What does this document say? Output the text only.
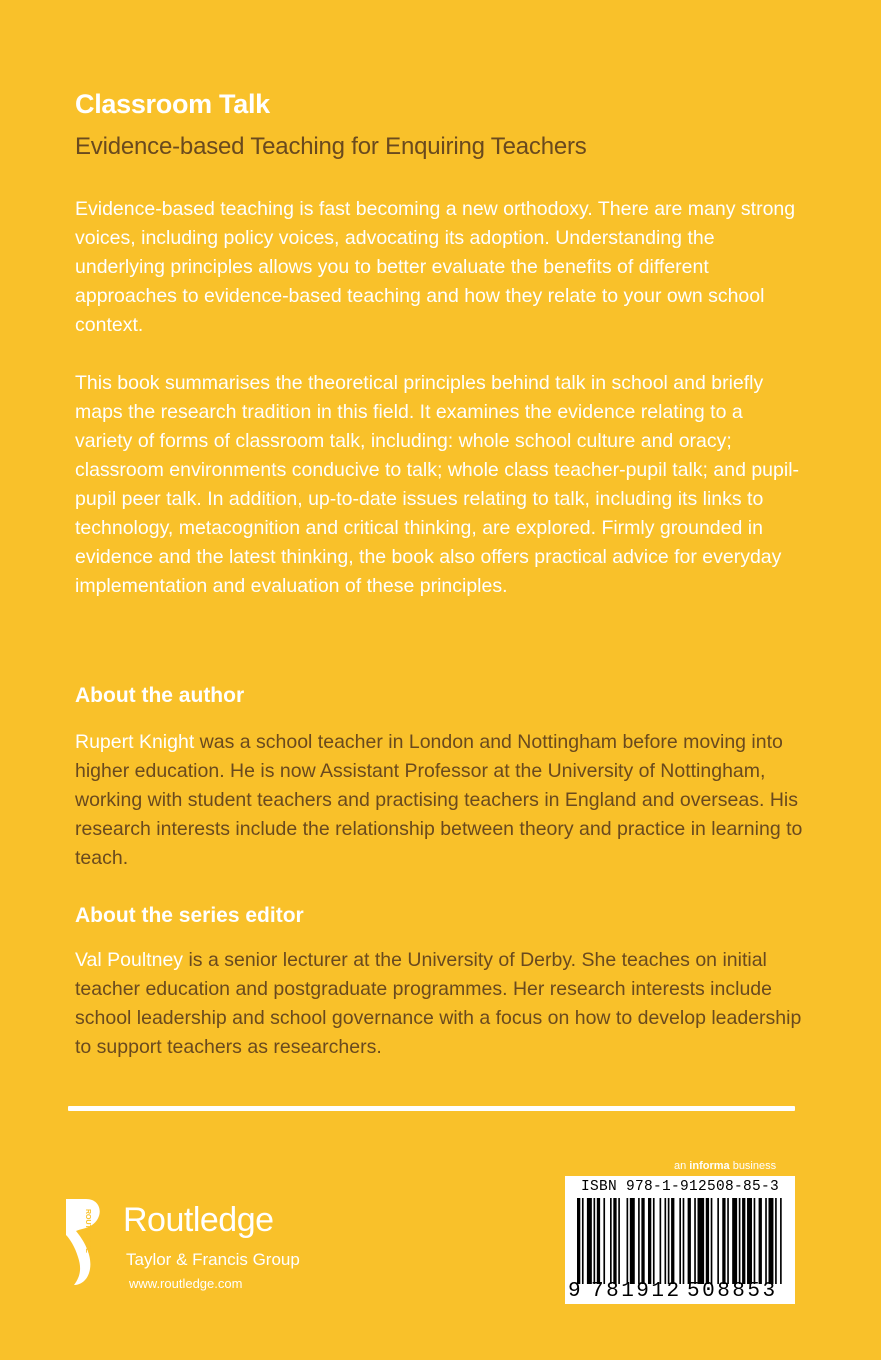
Classroom Talk
Evidence-based Teaching for Enquiring Teachers
Evidence-based teaching is fast becoming a new orthodoxy. There are many strong voices, including policy voices, advocating its adoption. Understanding the underlying principles allows you to better evaluate the benefits of different approaches to evidence-based teaching and how they relate to your own school context.
This book summarises the theoretical principles behind talk in school and briefly maps the research tradition in this field. It examines the evidence relating to a variety of forms of classroom talk, including: whole school culture and oracy; classroom environments conducive to talk; whole class teacher-pupil talk; and pupil-pupil peer talk. In addition, up-to-date issues relating to talk, including its links to technology, metacognition and critical thinking, are explored. Firmly grounded in evidence and the latest thinking, the book also offers practical advice for everyday implementation and evaluation of these principles.
About the author
Rupert Knight was a school teacher in London and Nottingham before moving into higher education. He is now Assistant Professor at the University of Nottingham, working with student teachers and practising teachers in England and overseas. His research interests include the relationship between theory and practice in learning to teach.
About the series editor
Val Poultney is a senior lecturer at the University of Derby. She teaches on initial teacher education and postgraduate programmes. Her research interests include school leadership and school governance with a focus on how to develop leadership to support teachers as researchers.
ROUTLEDGE Routledge
Taylor & Francis Group
www.routledge.com
an informa business
ISBN 978-1-912508-85-3
9 781912 508853
